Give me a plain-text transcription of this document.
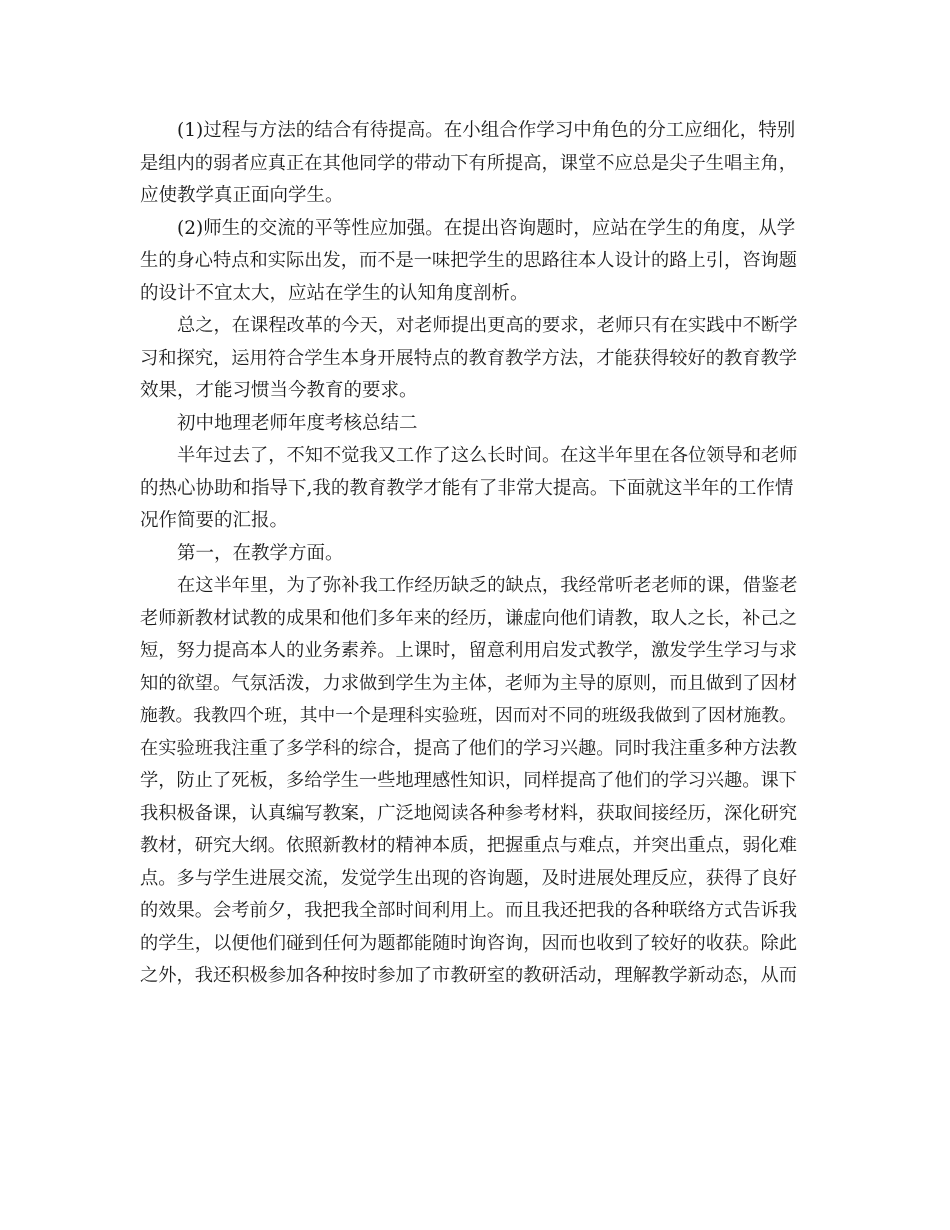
(1)过程与方法的结合有待提高。在小组合作学习中角色的分工应细化，特别
是组内的弱者应真正在其他同学的带动下有所提高，课堂不应总是尖子生唱主角，
应使教学真正面向学生。
(2)师生的交流的平等性应加强。在提出咨询题时，应站在学生的角度，从学
生的身心特点和实际出发，而不是一味把学生的思路往本人设计的路上引，咨询题
的设计不宜太大，应站在学生的认知角度剖析。
总之，在课程改革的今天，对老师提出更高的要求，老师只有在实践中不断学
习和探究，运用符合学生本身开展特点的教育教学方法，才能获得较好的教育教学
效果，才能习惯当今教育的要求。
初中地理老师年度考核总结二
半年过去了，不知不觉我又工作了这么长时间。在这半年里在各位领导和老师
的热心协助和指导下,我的教育教学才能有了非常大提高。下面就这半年的工作情
况作简要的汇报。
第一，在教学方面。
在这半年里，为了弥补我工作经历缺乏的缺点，我经常听老老师的课，借鉴老
老师新教材试教的成果和他们多年来的经历，谦虚向他们请教，取人之长，补己之
短，努力提高本人的业务素养。上课时，留意利用启发式教学，激发学生学习与求
知的欲望。气氛活泼，力求做到学生为主体，老师为主导的原则，而且做到了因材
施教。我教四个班，其中一个是理科实验班，因而对不同的班级我做到了因材施教。
在实验班我注重了多学科的综合，提高了他们的学习兴趣。同时我注重多种方法教
学，防止了死板，多给学生一些地理感性知识，同样提高了他们的学习兴趣。课下
我积极备课，认真编写教案，广泛地阅读各种参考材料，获取间接经历，深化研究
教材，研究大纲。依照新教材的精神本质，把握重点与难点，并突出重点，弱化难
点。多与学生进展交流，发觉学生出现的咨询题，及时进展处理反应，获得了良好
的效果。会考前夕，我把我全部时间利用上。而且我还把我的各种联络方式告诉我
的学生，以便他们碰到任何为题都能随时询咨询，因而也收到了较好的收获。除此
之外，我还积极参加各种按时参加了市教研室的教研活动，理解教学新动态，从而
